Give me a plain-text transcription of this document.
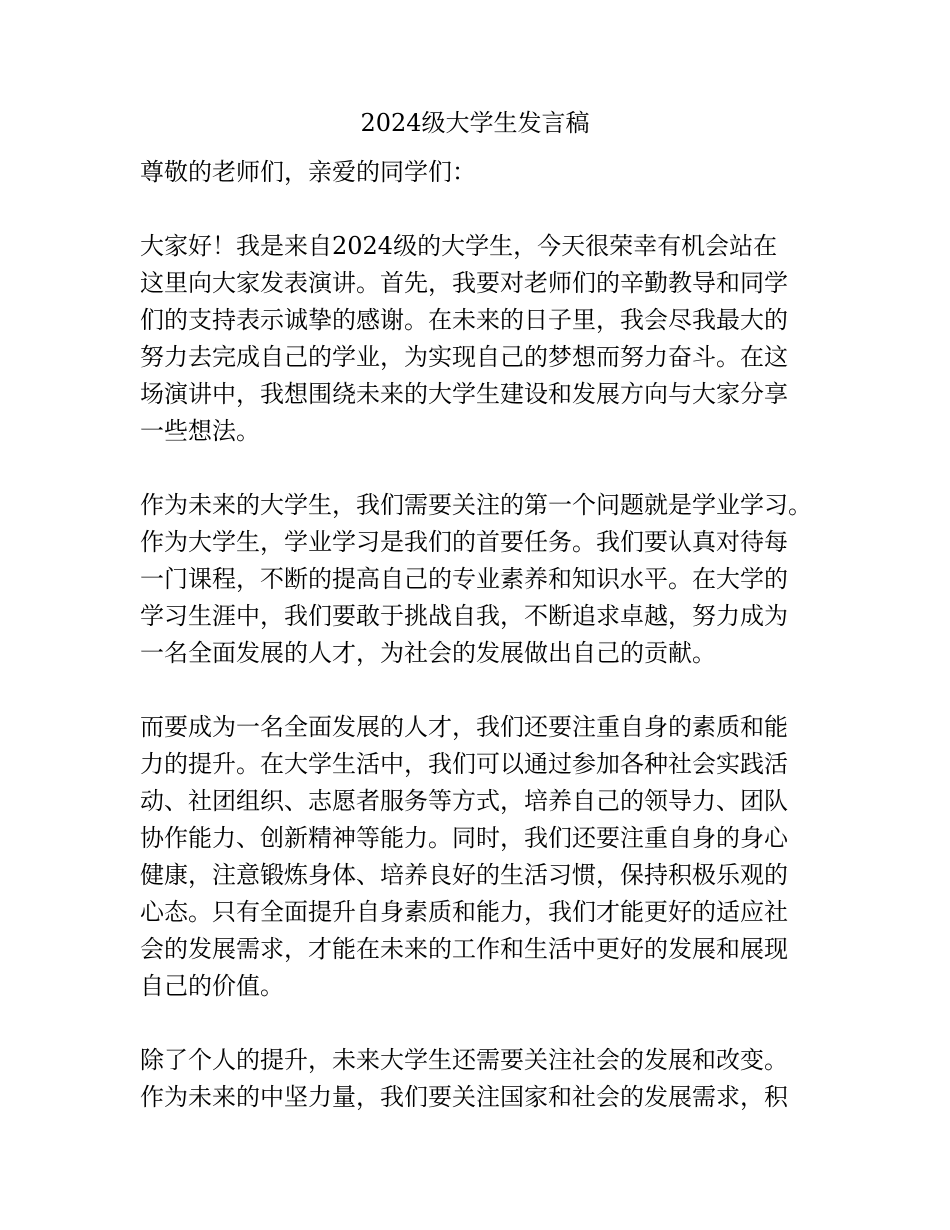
2024级大学生发言稿

尊敬的老师们，亲爱的同学们：

大家好！我是来自2024级的大学生，今天很荣幸有机会站在
这里向大家发表演讲。首先，我要对老师们的辛勤教导和同学
们的支持表示诚挚的感谢。在未来的日子里，我会尽我最大的
努力去完成自己的学业，为实现自己的梦想而努力奋斗。在这
场演讲中，我想围绕未来的大学生建设和发展方向与大家分享
一些想法。

作为未来的大学生，我们需要关注的第一个问题就是学业学习。
作为大学生，学业学习是我们的首要任务。我们要认真对待每
一门课程，不断的提高自己的专业素养和知识水平。在大学的
学习生涯中，我们要敢于挑战自我，不断追求卓越，努力成为
一名全面发展的人才，为社会的发展做出自己的贡献。

而要成为一名全面发展的人才，我们还要注重自身的素质和能
力的提升。在大学生活中，我们可以通过参加各种社会实践活
动、社团组织、志愿者服务等方式，培养自己的领导力、团队
协作能力、创新精神等能力。同时，我们还要注重自身的身心
健康，注意锻炼身体、培养良好的生活习惯，保持积极乐观的
心态。只有全面提升自身素质和能力，我们才能更好的适应社
会的发展需求，才能在未来的工作和生活中更好的发展和展现
自己的价值。

除了个人的提升，未来大学生还需要关注社会的发展和改变。
作为未来的中坚力量，我们要关注国家和社会的发展需求，积
